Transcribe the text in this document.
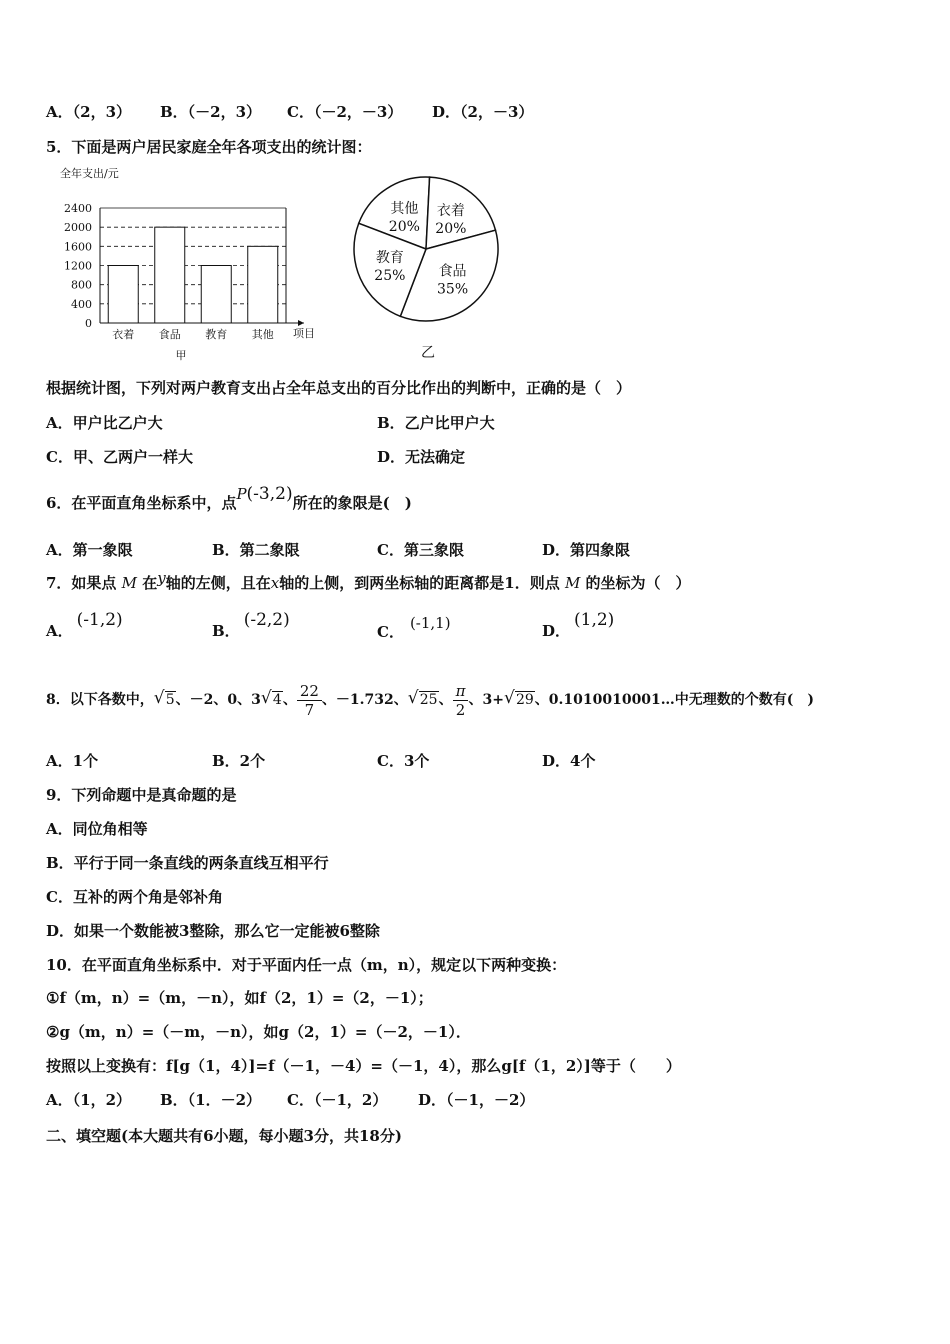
A．（2，3） B．（－2，3） C．（－2，－3） D．（2，－3）
5．下面是两户居民家庭全年各项支出的统计图：
全年支出/元
0
400
800
1200
1600
2000
2400
衣着 食品 教育 其他 项目
甲
其他
20%
衣着
20%
食品
35%
教育
25%
乙
根据统计图，下列对两户教育支出占全年总支出的百分比作出的判断中，正确的是（　）
A．甲户比乙户大	B．乙户比甲户大
C．甲、乙两户一样大	D．无法确定
6．在平面直角坐标系中，点P(-3,2)所在的象限是(　)
A．第一象限	B．第二象限	C．第三象限	D．第四象限
7．如果点 M 在y轴的左侧，且在x轴的上侧，到两坐标轴的距离都是1．则点 M 的坐标为（　）
A．(-1,2)
B．(-2,2)
C． (-1,1)	D．(1,2)
8．以下各数中， √ 5、－2、0、3 √ 4、 $\frac{22}{7}$ 、－1.732、 √ 25、 $\frac{\pi}{2}$ 、3+ √ 29、0.1010010001…中无理数的个数有(　)
A．1个	B．2个	C．3个	D．4个
9．下列命题中是真命题的是
A．同位角相等
B．平行于同一条直线的两条直线互相平行
C．互补的两个角是邻补角
D．如果一个数能被3整除，那么它一定能被6整除
10．在平面直角坐标系中．对于平面内任一点（m，n），规定以下两种变换：
①f（m，n）=（m，－n），如f（2，1）=（2，－1）；
②g（m，n）=（－m，－n），如g（2，1）=（－2，－1）．
按照以上变换有：f[g（1，4）]=f（－1，－4）=（－1，4），那么g[f（1，2）]等于（　　）
A．（1，2） B．（1．－2） C．（－1，2） D．（－1，－2）
二、填空题(本大题共有6小题，每小题3分，共18分)
